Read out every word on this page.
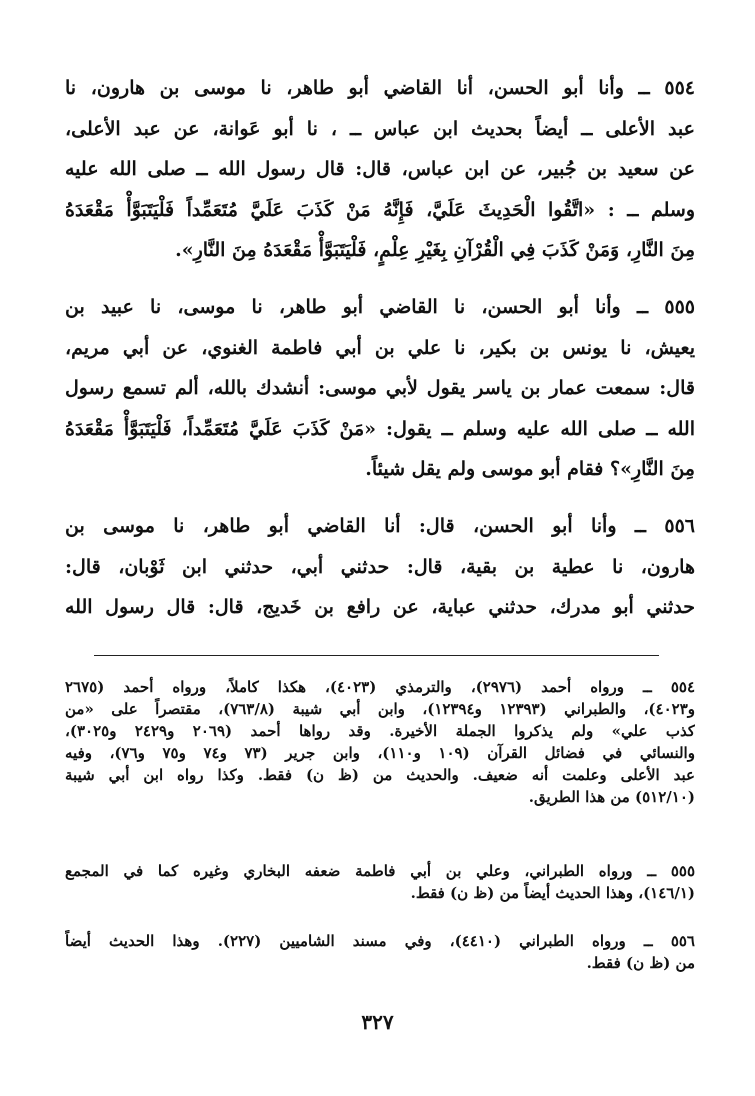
٥٥٤ ــ وأنا أبو الحسن، أنا القاضي أبو طاهر، نا موسى بن هارون، نا
عبد الأعلى ــ أيضاً بحديث ابن عباس ــ ، نا أبو عَوانة، عن عبد الأعلى،
عن سعيد بن جُبير، عن ابن عباس، قال: قال رسول الله ــ صلى الله عليه
وسلم ــ : «اتَّقُوا الْحَدِيثَ عَلَيَّ، فَإِنَّهُ مَنْ كَذَبَ عَلَيَّ مُتَعَمِّداً فَلْيَتَبَوَّأْ مَقْعَدَهُ
مِنَ النَّارِ، وَمَنْ كَذَبَ فِي الْقُرْآنِ بِغَيْرِ عِلْمٍ، فَلْيَتَبَوَّأْ مَقْعَدَهُ مِنَ النَّارِ».
٥٥٥ ــ وأنا أبو الحسن، نا القاضي أبو طاهر، نا موسى، نا عبيد بن
يعيش، نا يونس بن بكير، نا علي بن أبي فاطمة الغنوي، عن أبي مريم،
قال: سمعت عمار بن ياسر يقول لأبي موسى: أنشدك بالله، ألم تسمع رسول
الله ــ صلى الله عليه وسلم ــ يقول: «مَنْ كَذَبَ عَلَيَّ مُتَعَمِّداً، فَلْيَتَبَوَّأْ مَقْعَدَهُ
مِنَ النَّارِ»؟ فقام أبو موسى ولم يقل شيئاً.
٥٥٦ ــ وأنا أبو الحسن، قال: أنا القاضي أبو طاهر، نا موسى بن
هارون، نا عطية بن بقية، قال: حدثني أبي، حدثني ابن ثَوْبان، قال:
حدثني أبو مدرك، حدثني عباية، عن رافع بن خَديج، قال: قال رسول الله
٥٥٤ ــ ورواه أحمد (٢٩٧٦)، والترمذي (٤٠٢٣)، هكذا كاملاً، ورواه أحمد (٢٦٧٥
و٤٠٢٣)، والطبراني (١٢٣٩٣ و١٢٣٩٤)، وابن أبي شيبة (٧٦٣/٨)، مقتصراً على «من
كذب علي» ولم يذكروا الجملة الأخيرة. وقد رواها أحمد (٢٠٦٩ و٢٤٢٩ و٣٠٢٥)،
والنسائي في فضائل القرآن (١٠٩ و١١٠)، وابن جرير (٧٣ و٧٤ و٧٥ و٧٦)، وفيه
عبد الأعلى وعلمت أنه ضعيف. والحديث من (ظ ن) فقط. وكذا رواه ابن أبي شيبة
(٥١٢/١٠) من هذا الطريق.
٥٥٥ ــ ورواه الطبراني، وعلي بن أبي فاطمة ضعفه البخاري وغيره كما في المجمع
(١٤٦/١)، وهذا الحديث أيضاً من (ظ ن) فقط.
٥٥٦ ــ ورواه الطبراني (٤٤١٠)، وفي مسند الشاميين (٢٢٧). وهذا الحديث أيضاً
من (ظ ن) فقط.
٣٢٧
